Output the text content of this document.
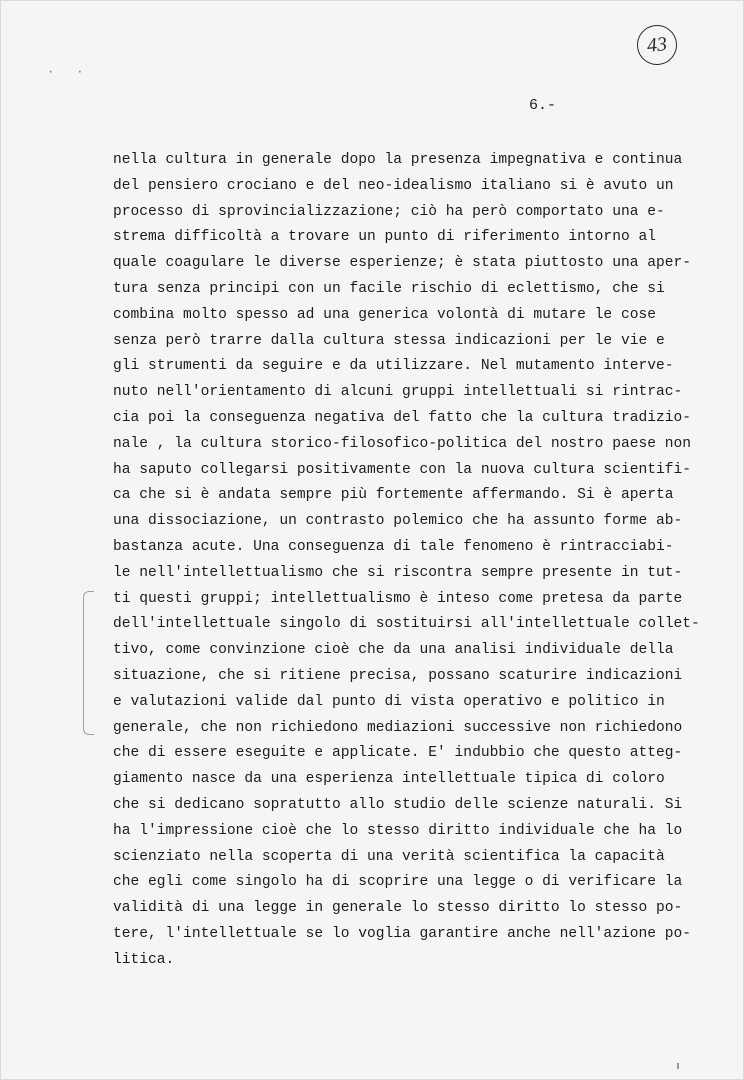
43
··
6.-
nella cultura in generale dopo la presenza impegnativa e continua
del pensiero crociano e del neo-idealismo italiano si è avuto un
processo di sprovincializzazione; ciò ha però comportato una e-
strema difficoltà a trovare un punto di riferimento intorno al
quale coagulare le diverse esperienze; è stata piuttosto una aper-
tura senza principi con un facile rischio di eclettismo, che si
combina molto spesso ad una generica volontà di mutare le cose
senza però trarre dalla cultura stessa indicazioni per le vie e
gli strumenti da seguire e da utilizzare. Nel mutamento interve-
nuto nell'orientamento di alcuni gruppi intellettuali si rintrac-
cia poi la conseguenza negativa del fatto che la cultura tradizio-
nale , la cultura storico-filosofico-politica del nostro paese non
ha saputo collegarsi positivamente con la nuova cultura scientifi-
ca che si è andata sempre più fortemente affermando. Si è aperta
una dissociazione, un contrasto polemico che ha assunto forme ab-
bastanza acute. Una conseguenza di tale fenomeno è rintracciabi-
le nell'intellettualismo che si riscontra sempre presente in tut-
ti questi gruppi; intellettualismo è inteso come pretesa da parte
dell'intellettuale singolo di sostituirsi all'intellettuale collet-
tivo, come convinzione cioè che da una analisi individuale della
situazione, che si ritiene precisa, possano scaturire indicazioni
e valutazioni valide dal punto di vista operativo e politico in
generale, che non richiedono mediazioni successive non richiedono
che di essere eseguite e applicate. E' indubbio che questo atteg-
giamento nasce da una esperienza intellettuale tipica di coloro
che si dedicano sopratutto allo studio delle scienze naturali. Si
ha l'impressione cioè che lo stesso diritto individuale che ha lo
scienziato nella scoperta di una verità scientifica la capacità
che egli come singolo ha di scoprire una legge o di verificare la
validità di una legge in generale lo stesso diritto lo stesso po-
tere, l'intellettuale se lo voglia garantire anche nell'azione po-
litica.
